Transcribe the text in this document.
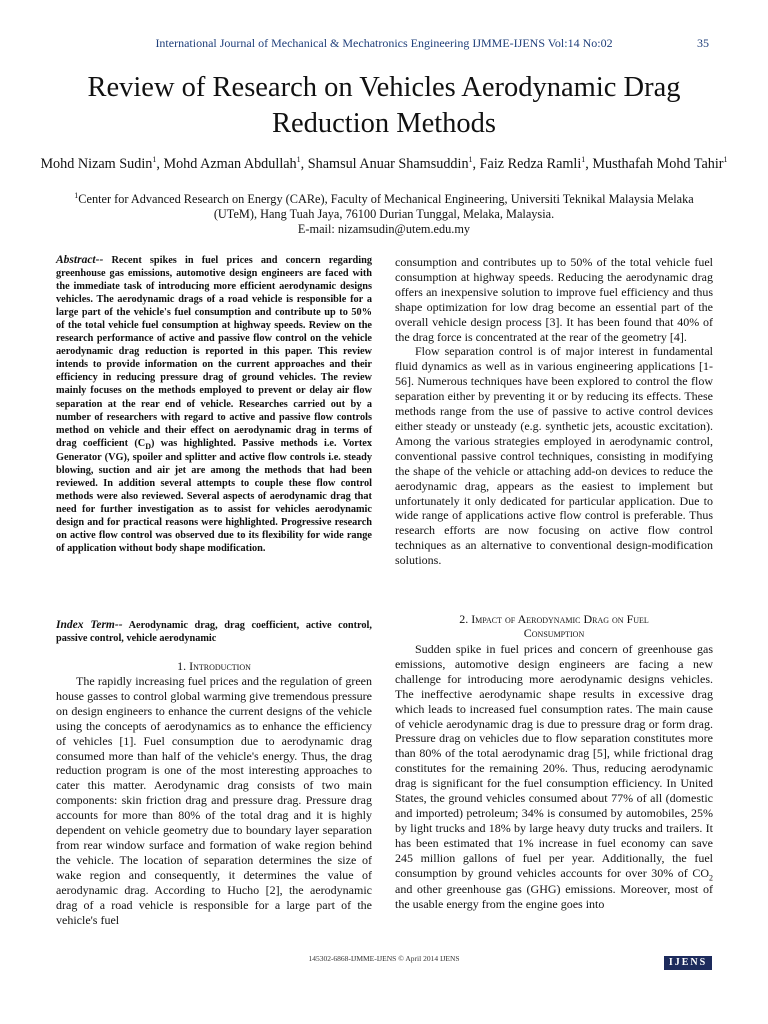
International Journal of Mechanical & Mechatronics Engineering IJMME-IJENS Vol:14 No:02	35
Review of Research on Vehicles Aerodynamic Drag Reduction Methods
Mohd Nizam Sudin$^1$, Mohd Azman Abdullah$^1$, Shamsul Anuar Shamsuddin$^1$, Faiz Redza Ramli$^1$, Musthafah Mohd Tahir$^1$
$^1$Center for Advanced Research on Energy (CARe), Faculty of Mechanical Engineering, Universiti Teknikal Malaysia Melaka
(UTeM), Hang Tuah Jaya, 76100 Durian Tunggal, Melaka, Malaysia.
E-mail: nizamsudin@utem.edu.my

Abstract-- Recent spikes in fuel prices and concern regarding greenhouse gas emissions, automotive design engineers are faced with the immediate task of introducing more efficient aerodynamic designs vehicles. The aerodynamic drags of a road vehicle is responsible for a large part of the vehicle's fuel consumption and contribute up to 50% of the total vehicle fuel consumption at highway speeds. Review on the research performance of active and passive flow control on the vehicle aerodynamic drag reduction is reported in this paper. This review intends to provide information on the current approaches and their efficiency in reducing pressure drag of ground vehicles. The review mainly focuses on the methods employed to prevent or delay air flow separation at the rear end of vehicle. Researches carried out by a number of researchers with regard to active and passive flow controls method on vehicle and their effect on aerodynamic drag in terms of drag coefficient $(C_D)$ was highlighted. Passive methods i.e. Vortex Generator (VG), spoiler and splitter and active flow controls i.e. steady blowing, suction and air jet are among the methods that had been reviewed. In addition several attempts to couple these flow control methods were also reviewed. Several aspects of aerodynamic drag that need for further investigation as to assist for vehicles aerodynamic design and for practical reasons were highlighted. Progressive research on active flow control was observed due to its flexibility for wide range of application without body shape modification.

Index Term-- Aerodynamic drag, drag coefficient, active control, passive control, vehicle aerodynamic

1. Introduction

The rapidly increasing fuel prices and the regulation of green house gasses to control global warming give tremendous pressure on design engineers to enhance the current designs of the vehicle using the concepts of aerodynamics as to enhance the efficiency of vehicles [1]. Fuel consumption due to aerodynamic drag consumed more than half of the vehicle's energy. Thus, the drag reduction program is one of the most interesting approaches to cater this matter. Aerodynamic drag consists of two main components: skin friction drag and pressure drag. Pressure drag accounts for more than 80% of the total drag and it is highly dependent on vehicle geometry due to boundary layer separation from rear window surface and formation of wake region behind the vehicle. The location of separation determines the size of wake region and consequently, it determines the value of aerodynamic drag. According to Hucho [2], the aerodynamic drag of a road vehicle is responsible for a large part of the vehicle's fuel

consumption and contributes up to 50% of the total vehicle fuel consumption at highway speeds. Reducing the aerodynamic drag offers an inexpensive solution to improve fuel efficiency and thus shape optimization for low drag become an essential part of the overall vehicle design process [3]. It has been found that 40% of the drag force is concentrated at the rear of the geometry [4].

Flow separation control is of major interest in fundamental fluid dynamics as well as in various engineering applications [1-56]. Numerous techniques have been explored to control the flow separation either by preventing it or by reducing its effects. These methods range from the use of passive to active control devices either steady or unsteady (e.g. synthetic jets, acoustic excitation). Among the various strategies employed in aerodynamic control, conventional passive control techniques, consisting in modifying the shape of the vehicle or attaching add-on devices to reduce the aerodynamic drag, appears as the easiest to implement but unfortunately it only dedicated for particular application. Due to wide range of applications active flow control is preferable. Thus research efforts are now focusing on active flow control techniques as an alternative to conventional design-modification solutions.

2. Impact of Aerodynamic Drag on Fuel
Consumption

Sudden spike in fuel prices and concern of greenhouse gas emissions, automotive design engineers are facing a new challenge for introducing more aerodynamic designs vehicles. The ineffective aerodynamic shape results in excessive drag which leads to increased fuel consumption rates. The main cause of vehicle aerodynamic drag is due to pressure drag or form drag. Pressure drag on vehicles due to flow separation constitutes more than 80% of the total aerodynamic drag [5], while frictional drag constitutes for the remaining 20%. Thus, reducing aerodynamic drag is significant for the fuel consumption efficiency. In United States, the ground vehicles consumed about 77% of all (domestic and imported) petroleum; 34% is consumed by automobiles, 25% by light trucks and 18% by large heavy duty trucks and trailers. It has been estimated that 1% increase in fuel economy can save 245 million gallons of fuel per year. Additionally, the fuel consumption by ground vehicles accounts for over 30% of $CO_2$ and other greenhouse gas (GHG) emissions. Moreover, most of the usable energy from the engine goes into

145302-6868-IJMME-IJENS © April 2014 IJENS	IJENS
